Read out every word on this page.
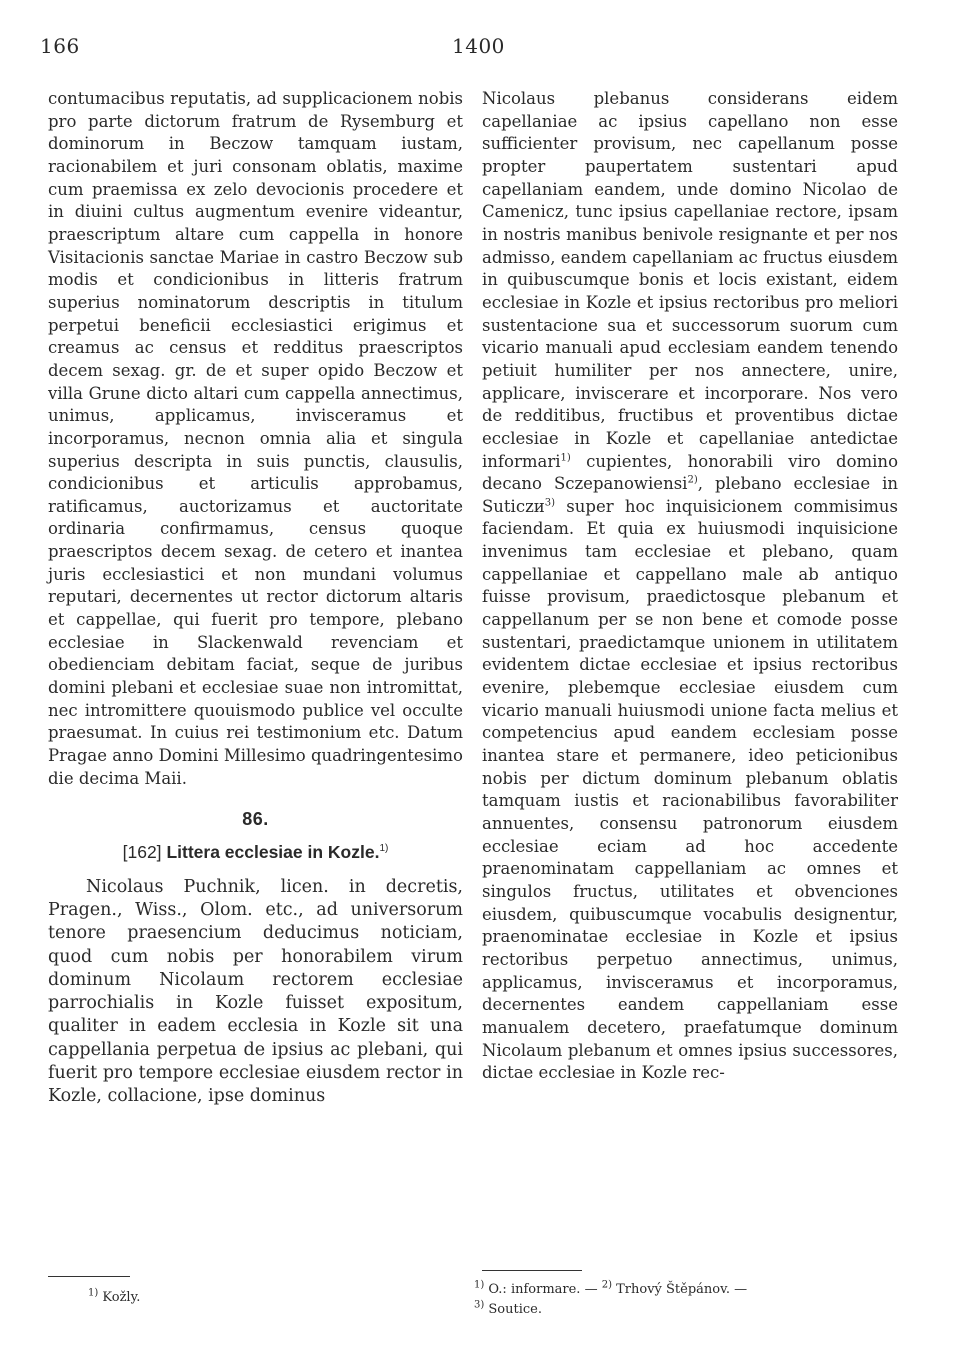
166	1400

contumacibus reputatis, ad supplicacionem nobis pro parte dictorum fratrum de Rysemburg et dominorum in Beczow tamquam iustam, racionabilem et juri consonam oblatis, maxime cum praemissa ex zelo devocionis procedere et in diuini cultus augmentum evenire videantur, praescriptum altare cum cappella in honore Visitacionis sanctae Mariae in castro Beczow sub modis et condicionibus in litteris fratrum superius nominatorum descriptis in titulum perpetui beneficii ecclesiastici erigimus et creamus ac census et redditus praescriptos decem sexag. gr. de et super opido Beczow et villa Grune dicto altari cum cappella annectimus, unimus, applicamus, invisceramus et incorporamus, necnon omnia alia et singula superius descripta in suis punctis, clausulis, condicionibus et articulis approbamus, ratificamus, auctorizamus et auctoritate ordinaria confirmamus, census quoque praescriptos decem sexag. de cetero et inantea juris ecclesiastici et non mundani volumus reputari, decernentes ut rector dictorum altaris et cappellae, qui fuerit pro tempore, plebano ecclesiae in Slackenwald revenciam et obedienciam debitam faciat, seque de juribus domini plebani et ecclesiae suae non intromittat, nec intromittere quouismodo publice vel occulte praesumat. In cuius rei testimonium etc. Datum Pragae anno Domini Millesimo quadringentesimo die decima Maii.

86.
[162] Littera ecclesiae in Kozle.$^{1)}$

Nicolaus Puchnik, licen. in decretis, Pragen., Wiss., Olom. etc., ad universorum tenore praesencium deducimus noticiam, quod cum nobis per honorabilem virum dominum Nicolaum rectorem ecclesiae parrochialis in Kozle fuisset expositum, qualiter in eadem ecclesia in Kozle sit una cappellania perpetua de ipsius ac plebani, qui fuerit pro tempore ecclesiae eiusdem rector in Kozle, collacione, ipse dominus

Nicolaus plebanus considerans eidem capellaniae ac ipsius capellano non esse sufficienter provisum, nec capellanum posse propter paupertatem sustentari apud capellaniam eandem, unde domino Nicolao de Camenicz, tunc ipsius capellaniae rectore, ipsam in nostris manibus benivole resignante et per nos admisso, eandem capellaniam ac fructus eiusdem in quibuscumque bonis et locis existant, eidem ecclesiae in Kozle et ipsius rectoribus pro meliori sustentacione sua et successorum suorum cum vicario manuali apud ecclesiam eandem tenendo petiuit humiliter per nos annectere, unire, applicare, inviscerare et incorporare. Nos vero de redditibus, fructibus et proventibus dictae ecclesiae in Kozle et capellaniae antedictae informari$^{1)}$ cupientes, honorabili viro domino decano Sczepanowiensi$^{2)}$, plebano ecclesiae in Suticzи$^{3)}$ super hoc inquisicionem commisimus faciendam. Et quia ex huiusmodi inquisicione invenimus tam ecclesiae et plebano, quam cappellaniae et cappellano male ab antiquo fuisse provisum, praedictosque plebanum et cappellanum per se non bene et comode posse sustentari, praedictamque unionem in utilitatem evidentem dictae ecclesiae et ipsius rectoribus evenire, plebemque ecclesiae eiusdem cum vicario manuali huiusmodi unione facta melius et competencius apud eandem ecclesiam posse inantea stare et permanere, ideo peticionibus nobis per dictum dominum plebanum oblatis tamquam iustis et racionabilibus favorabiliter annuentes, consensu patronorum eiusdem ecclesiae eciam ad hoc accedente praenominatam cappellaniam ac omnes et singulos fructus, utilitates et obvenciones eiusdem, quibuscumque vocabulis designentur, praenominatae ecclesiae in Kozle et ipsius rectoribus perpetuo annectimus, unimus, applicamus, inviscerамus et incorporamus, decernentes eandem cappellaniam esse manualem decetero, praefatumque dominum Nicolaum plebanum et omnes ipsius successores, dictae ecclesiae in Kozle rec-

$^{1)}$ Kožly.
$^{1)}$ O.: informare. — $^{2)}$ Trhový Štěpánov. —
$^{3)}$ Soutice.
